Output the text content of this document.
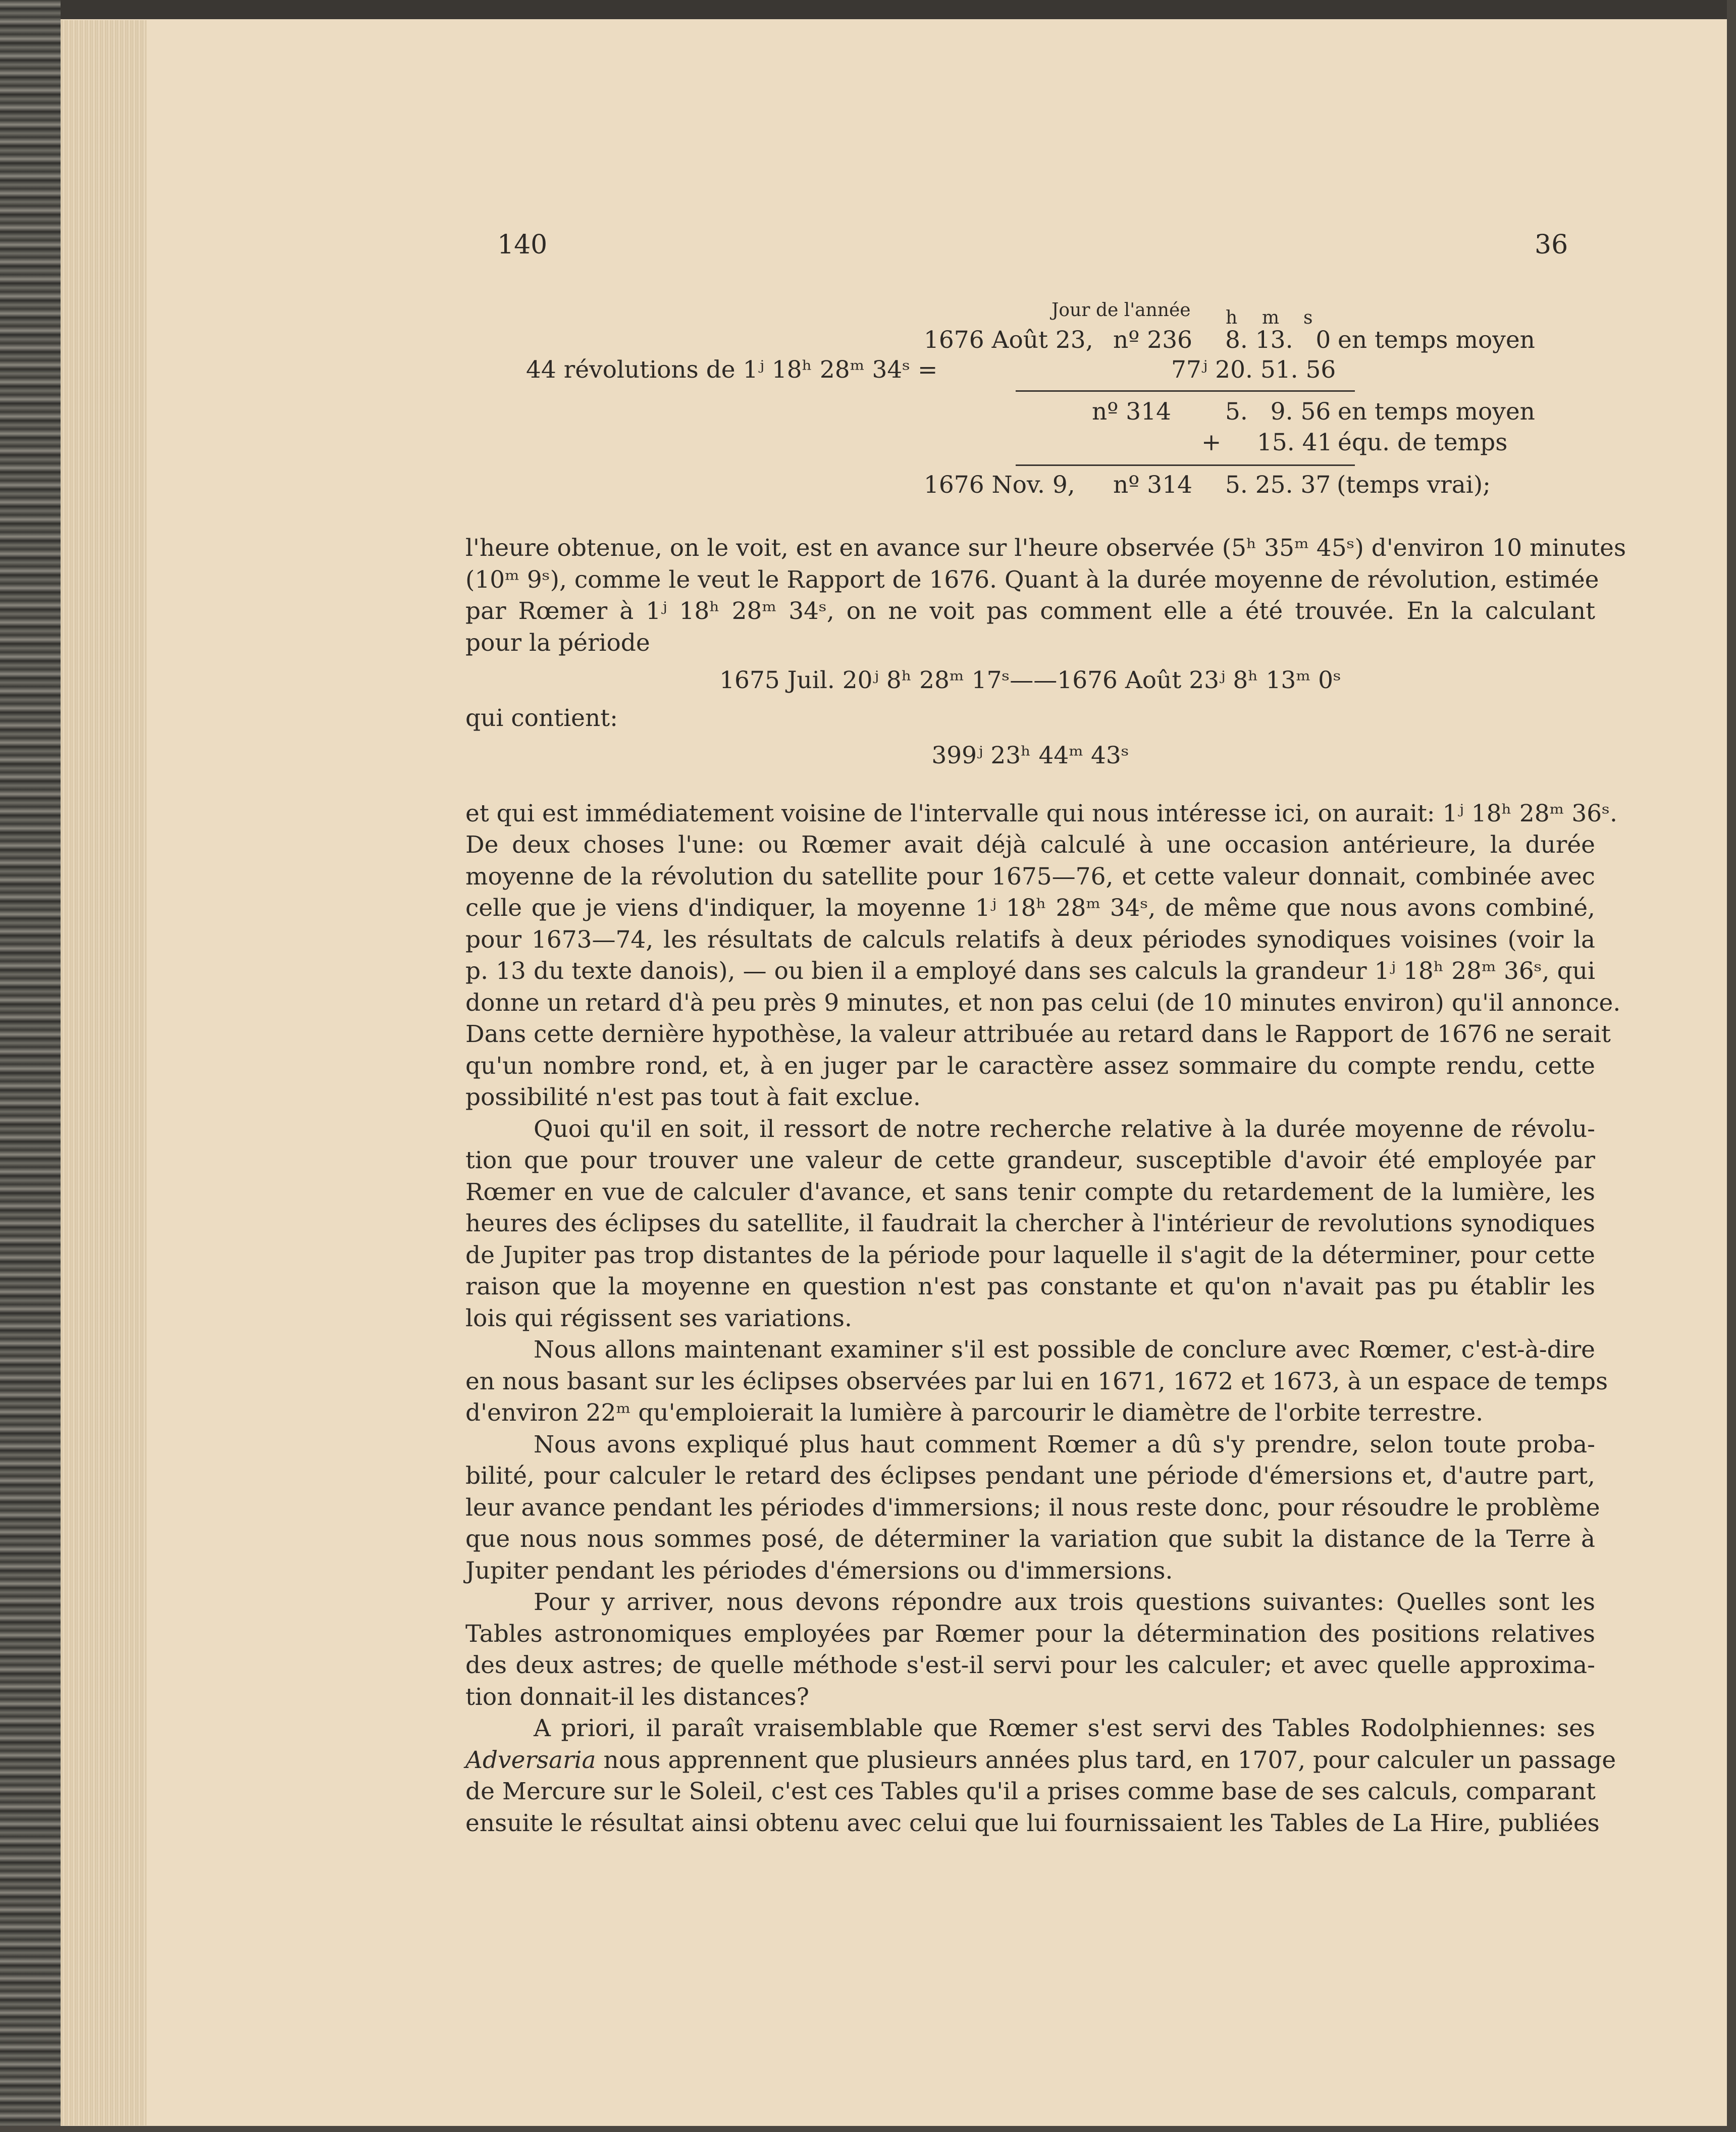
140	36
Jour de l'année h m s
1676 Août 23, nº 236 8. 13.   0 en temps moyen
44 révolutions de 1ʲ 18ʰ 28ᵐ 34ˢ =	77ʲ 20. 51. 56
nº 314 5.   9. 56 en temps moyen
+ 15. 41 équ. de temps
1676 Nov. 9, nº 314 5. 25. 37 (temps vrai);
l'heure obtenue, on le voit, est en avance sur l'heure observée (5ʰ 35ᵐ 45ˢ) d'environ 10 minutes
(10ᵐ 9ˢ), comme le veut le Rapport de 1676. Quant à la durée moyenne de révolution, estimée
par Rœmer à 1ʲ 18ʰ 28ᵐ 34ˢ, on ne voit pas comment elle a été trouvée. En la calculant
pour la période
1675 Juil. 20ʲ 8ʰ 28ᵐ 17ˢ——1676 Août 23ʲ 8ʰ 13ᵐ 0ˢ
qui contient:
399ʲ 23ʰ 44ᵐ 43ˢ
et qui est immédiatement voisine de l'intervalle qui nous intéresse ici, on aurait: 1ʲ 18ʰ 28ᵐ 36ˢ.
De deux choses l'une: ou Rœmer avait déjà calculé à une occasion antérieure, la durée
moyenne de la révolution du satellite pour 1675—76, et cette valeur donnait, combinée avec
celle que je viens d'indiquer, la moyenne 1ʲ 18ʰ 28ᵐ 34ˢ, de même que nous avons combiné,
pour 1673—74, les résultats de calculs relatifs à deux périodes synodiques voisines (voir la
p. 13 du texte danois), — ou bien il a employé dans ses calculs la grandeur 1ʲ 18ʰ 28ᵐ 36ˢ, qui
donne un retard d'à peu près 9 minutes, et non pas celui (de 10 minutes environ) qu'il annonce.
Dans cette dernière hypothèse, la valeur attribuée au retard dans le Rapport de 1676 ne serait
qu'un nombre rond, et, à en juger par le caractère assez sommaire du compte rendu, cette
possibilité n'est pas tout à fait exclue.
Quoi qu'il en soit, il ressort de notre recherche relative à la durée moyenne de révolu-
tion que pour trouver une valeur de cette grandeur, susceptible d'avoir été employée par
Rœmer en vue de calculer d'avance, et sans tenir compte du retardement de la lumière, les
heures des éclipses du satellite, il faudrait la chercher à l'intérieur de revolutions synodiques
de Jupiter pas trop distantes de la période pour laquelle il s'agit de la déterminer, pour cette
raison que la moyenne en question n'est pas constante et qu'on n'avait pas pu établir les
lois qui régissent ses variations.
Nous allons maintenant examiner s'il est possible de conclure avec Rœmer, c'est-à-dire
en nous basant sur les éclipses observées par lui en 1671, 1672 et 1673, à un espace de temps
d'environ 22ᵐ qu'emploierait la lumière à parcourir le diamètre de l'orbite terrestre.
Nous avons expliqué plus haut comment Rœmer a dû s'y prendre, selon toute proba-
bilité, pour calculer le retard des éclipses pendant une période d'émersions et, d'autre part,
leur avance pendant les périodes d'immersions; il nous reste donc, pour résoudre le problème
que nous nous sommes posé, de déterminer la variation que subit la distance de la Terre à
Jupiter pendant les périodes d'émersions ou d'immersions.
Pour y arriver, nous devons répondre aux trois questions suivantes: Quelles sont les
Tables astronomiques employées par Rœmer pour la détermination des positions relatives
des deux astres; de quelle méthode s'est-il servi pour les calculer; et avec quelle approxima-
tion donnait-il les distances?
A priori, il paraît vraisemblable que Rœmer s'est servi des Tables Rodolphiennes: ses
Adversaria nous apprennent que plusieurs années plus tard, en 1707, pour calculer un passage
de Mercure sur le Soleil, c'est ces Tables qu'il a prises comme base de ses calculs, comparant
ensuite le résultat ainsi obtenu avec celui que lui fournissaient les Tables de La Hire, publiées
